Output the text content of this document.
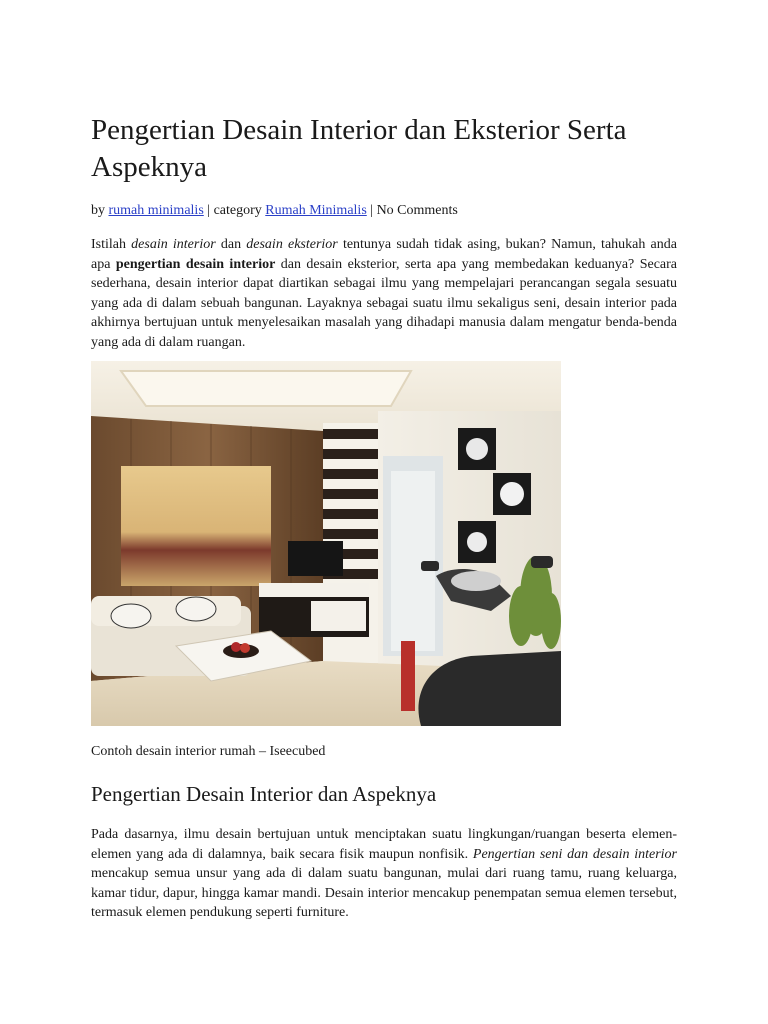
Pengertian Desain Interior dan Eksterior Serta Aspeknya
by rumah minimalis | category Rumah Minimalis | No Comments

Istilah desain interior dan desain eksterior tentunya sudah tidak asing, bukan? Namun, tahukah anda apa pengertian desain interior dan desain eksterior, serta apa yang membedakan keduanya? Secara sederhana, desain interior dapat diartikan sebagai ilmu yang mempelajari perancangan segala sesuatu yang ada di dalam sebuah bangunan. Layaknya sebagai suatu ilmu sekaligus seni, desain interior pada akhirnya bertujuan untuk menyelesaikan masalah yang dihadapi manusia dalam mengatur benda-benda yang ada di dalam ruangan.

Contoh desain interior rumah – Iseecubed
Pengertian Desain Interior dan Aspeknya

Pada dasarnya, ilmu desain bertujuan untuk menciptakan suatu lingkungan/ruangan beserta elemen-elemen yang ada di dalamnya, baik secara fisik maupun nonfisik. Pengertian seni dan desain interior mencakup semua unsur yang ada di dalam suatu bangunan, mulai dari ruang tamu, ruang keluarga, kamar tidur, dapur, hingga kamar mandi. Desain interior mencakup penempatan semua elemen tersebut, termasuk elemen pendukung seperti furniture.
